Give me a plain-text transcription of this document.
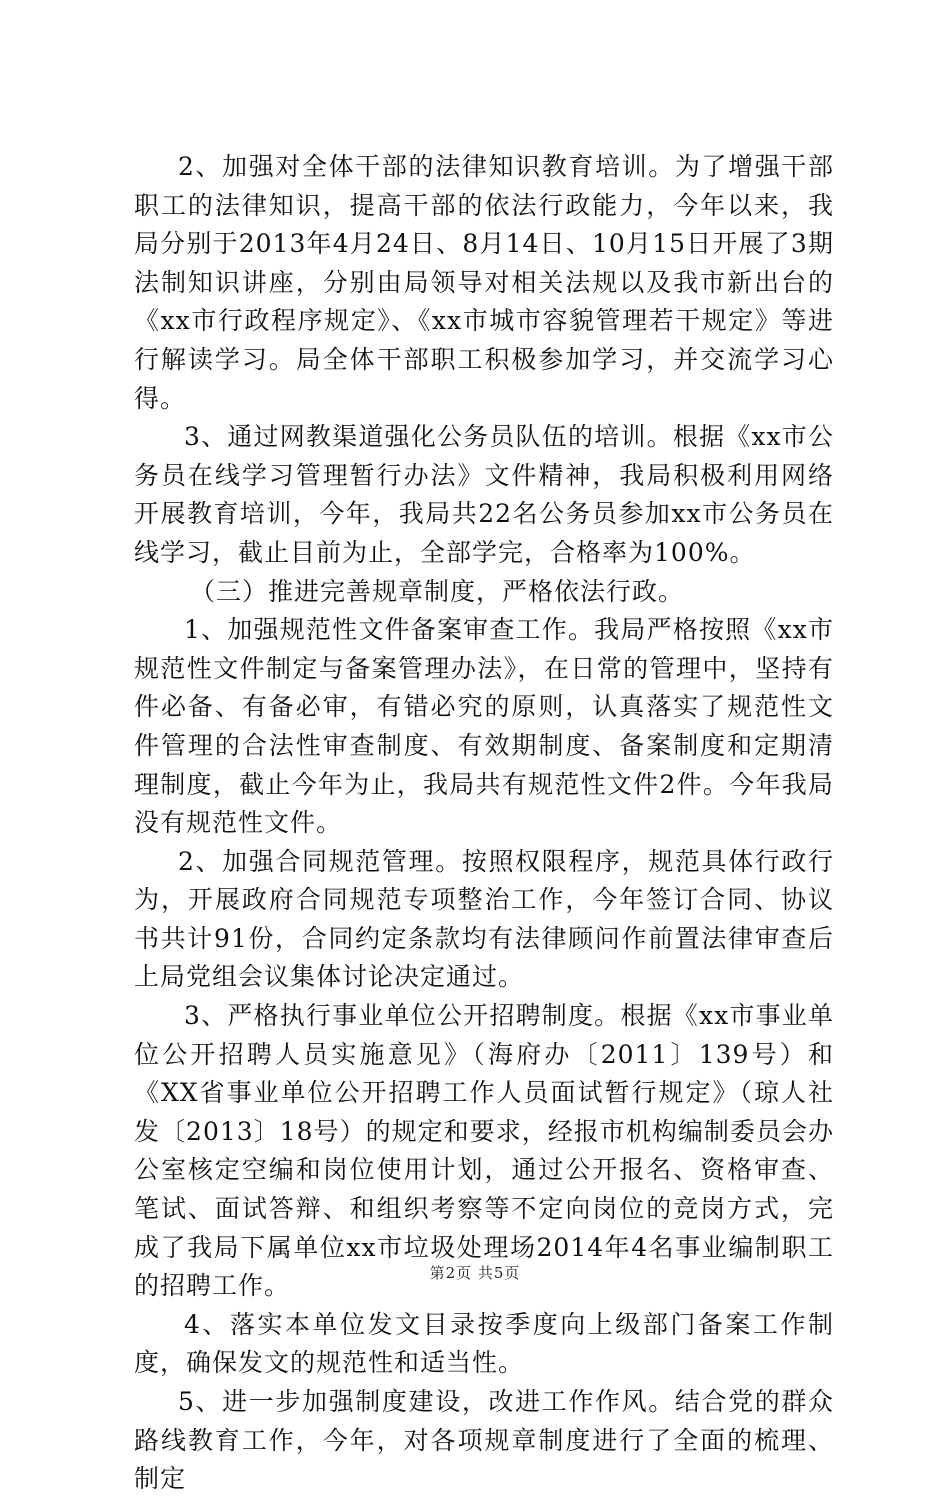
2、加强对全体干部的法律知识教育培训。为了增强干部职工的法律知识，提高干部的依法行政能力，今年以来，我局分别于2013年4月24日、8月14日、10月15日开展了3期法制知识讲座，分别由局领导对相关法规以及我市新出台的《xx市行政程序规定》、《xx市城市容貌管理若干规定》等进行解读学习。局全体干部职工积极参加学习，并交流学习心得。

3、通过网教渠道强化公务员队伍的培训。根据《xx市公务员在线学习管理暂行办法》文件精神，我局积极利用网络开展教育培训，今年，我局共22名公务员参加xx市公务员在线学习，截止目前为止，全部学完，合格率为100%。

（三）推进完善规章制度，严格依法行政。

1、加强规范性文件备案审查工作。我局严格按照《xx市规范性文件制定与备案管理办法》，在日常的管理中，坚持有件必备、有备必审，有错必究的原则，认真落实了规范性文件管理的合法性审查制度、有效期制度、备案制度和定期清理制度，截止今年为止，我局共有规范性文件2件。今年我局没有规范性文件。

2、加强合同规范管理。按照权限程序，规范具体行政行为，开展政府合同规范专项整治工作，今年签订合同、协议书共计91份，合同约定条款均有法律顾问作前置法律审查后上局党组会议集体讨论决定通过。

3、严格执行事业单位公开招聘制度。根据《xx市事业单位公开招聘人员实施意见》（海府办〔2011〕139号）和《XX省事业单位公开招聘工作人员面试暂行规定》（琼人社发〔2013〕18号）的规定和要求，经报市机构编制委员会办公室核定空编和岗位使用计划，通过公开报名、资格审查、笔试、面试答辩、和组织考察等不定向岗位的竞岗方式，完成了我局下属单位xx市垃圾处理场2014年4名事业编制职工的招聘工作。

4、落实本单位发文目录按季度向上级部门备案工作制度，确保发文的规范性和适当性。

5、进一步加强制度建设，改进工作作风。结合党的群众路线教育工作，今年，对各项规章制度进行了全面的梳理、制定

第2页 共5页
